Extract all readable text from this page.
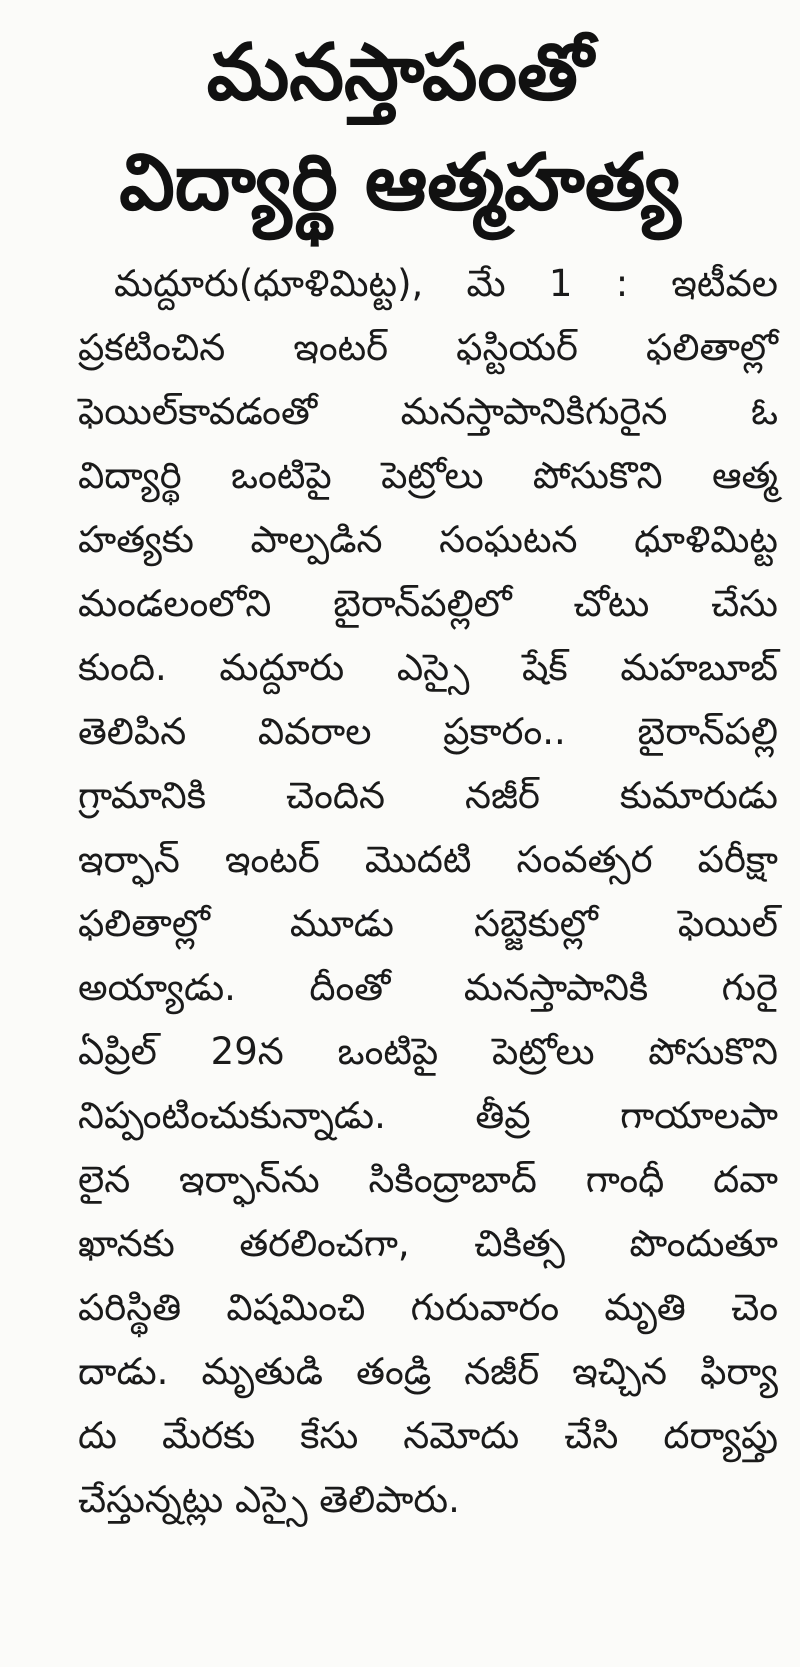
మనస్తాపంతో
విద్యార్థి ఆత్మహత్య
మద్దూరు(ధూళిమిట్ట), మే 1 : ఇటీవల
ప్రకటించిన ఇంటర్ ఫస్టియర్ ఫలితాల్లో
ఫెయిల్‌కావడంతో మనస్తాపానికిగురైన ఓ
విద్యార్థి ఒంటిపై పెట్రోలు పోసుకొని ఆత్మ
హత్యకు పాల్పడిన సంఘటన ధూళిమిట్ట
మండలంలోని బైరాన్‌పల్లిలో చోటు చేసు
కుంది. మద్దూరు ఎస్సై షేక్ మహబూబ్
తెలిపిన వివరాల ప్రకారం.. బైరాన్‌పల్లి
గ్రామానికి చెందిన నజీర్ కుమారుడు
ఇర్ఫాన్ ఇంటర్ మొదటి సంవత్సర పరీక్షా
ఫలితాల్లో మూడు సబ్జెకుల్లో ఫెయిల్
అయ్యాడు. దీంతో మనస్తాపానికి గురై
ఏప్రిల్ 29న ఒంటిపై పెట్రోలు పోసుకొని
నిప్పంటించుకున్నాడు. తీవ్ర గాయాలపా
లైన ఇర్ఫాన్‌ను సికింద్రాబాద్ గాంధీ దవా
ఖానకు తరలించగా, చికిత్స పొందుతూ
పరిస్థితి విషమించి గురువారం మృతి చెం
దాడు. మృతుడి తండ్రి నజీర్ ఇచ్చిన ఫిర్యా
దు మేరకు కేసు నమోదు చేసి దర్యాప్తు
చేస్తున్నట్లు ఎస్సై తెలిపారు.
